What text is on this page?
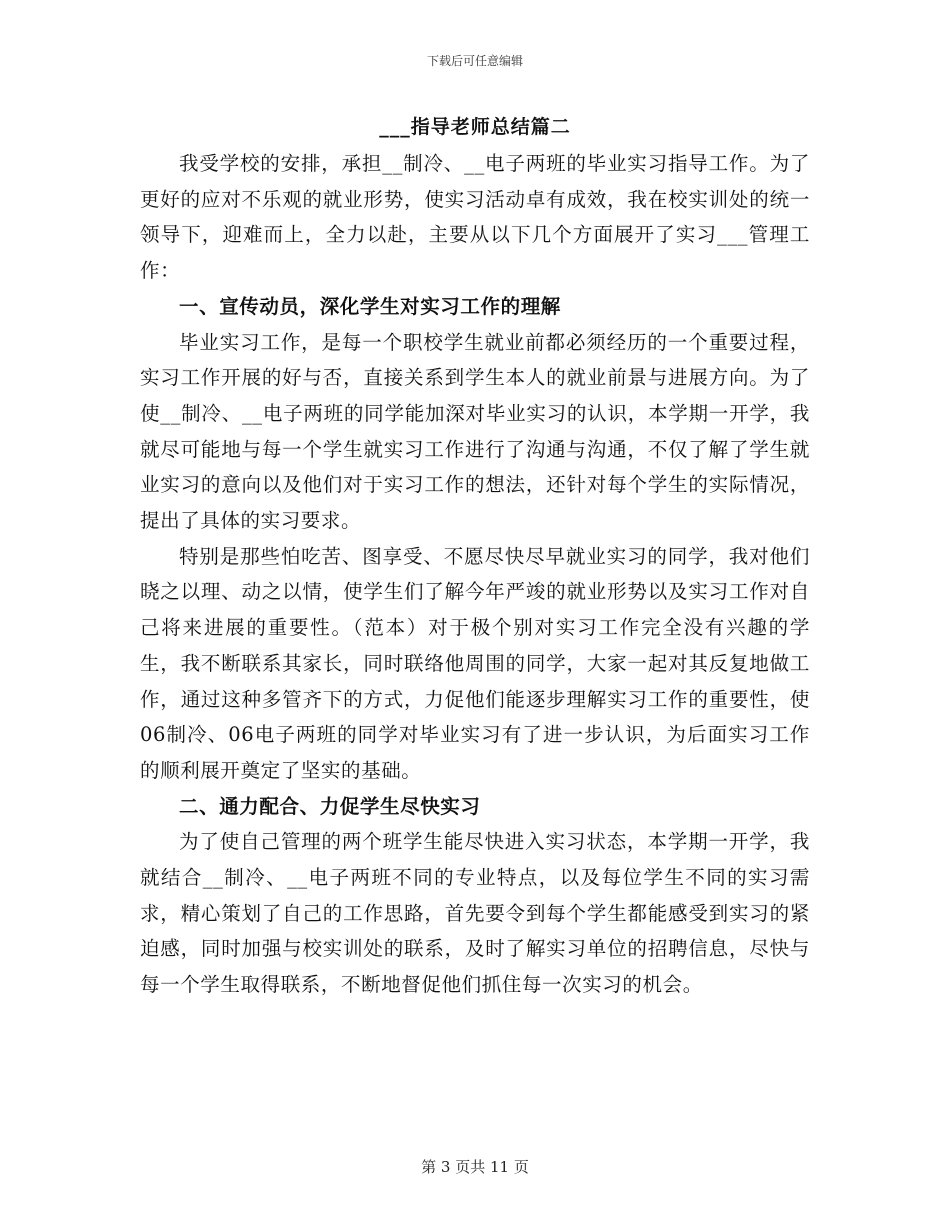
下载后可任意编辑
___指导老师总结篇二

我受学校的安排，承担__制冷、__电子两班的毕业实习指导工作。为了更好的应对不乐观的就业形势，使实习活动卓有成效，我在校实训处的统一领导下，迎难而上，全力以赴，主要从以下几个方面展开了实习___管理工作：

一、宣传动员，深化学生对实习工作的理解

毕业实习工作，是每一个职校学生就业前都必须经历的一个重要过程，实习工作开展的好与否，直接关系到学生本人的就业前景与进展方向。为了使__制冷、__电子两班的同学能加深对毕业实习的认识，本学期一开学，我就尽可能地与每一个学生就实习工作进行了沟通与沟通，不仅了解了学生就业实习的意向以及他们对于实习工作的想法，还针对每个学生的实际情况，提出了具体的实习要求。

特别是那些怕吃苦、图享受、不愿尽快尽早就业实习的同学，我对他们晓之以理、动之以情，使学生们了解今年严竣的就业形势以及实习工作对自己将来进展的重要性。（范本）对于极个别对实习工作完全没有兴趣的学生，我不断联系其家长，同时联络他周围的同学，大家一起对其反复地做工作，通过这种多管齐下的方式，力促他们能逐步理解实习工作的重要性，使06制冷、06电子两班的同学对毕业实习有了进一步认识，为后面实习工作的顺利展开奠定了坚实的基础。

二、通力配合、力促学生尽快实习

为了使自己管理的两个班学生能尽快进入实习状态，本学期一开学，我就结合__制冷、__电子两班不同的专业特点，以及每位学生不同的实习需求，精心策划了自己的工作思路，首先要令到每个学生都能感受到实习的紧迫感，同时加强与校实训处的联系，及时了解实习单位的招聘信息，尽快与每一个学生取得联系，不断地督促他们抓住每一次实习的机会。

第 3 页共 11 页
